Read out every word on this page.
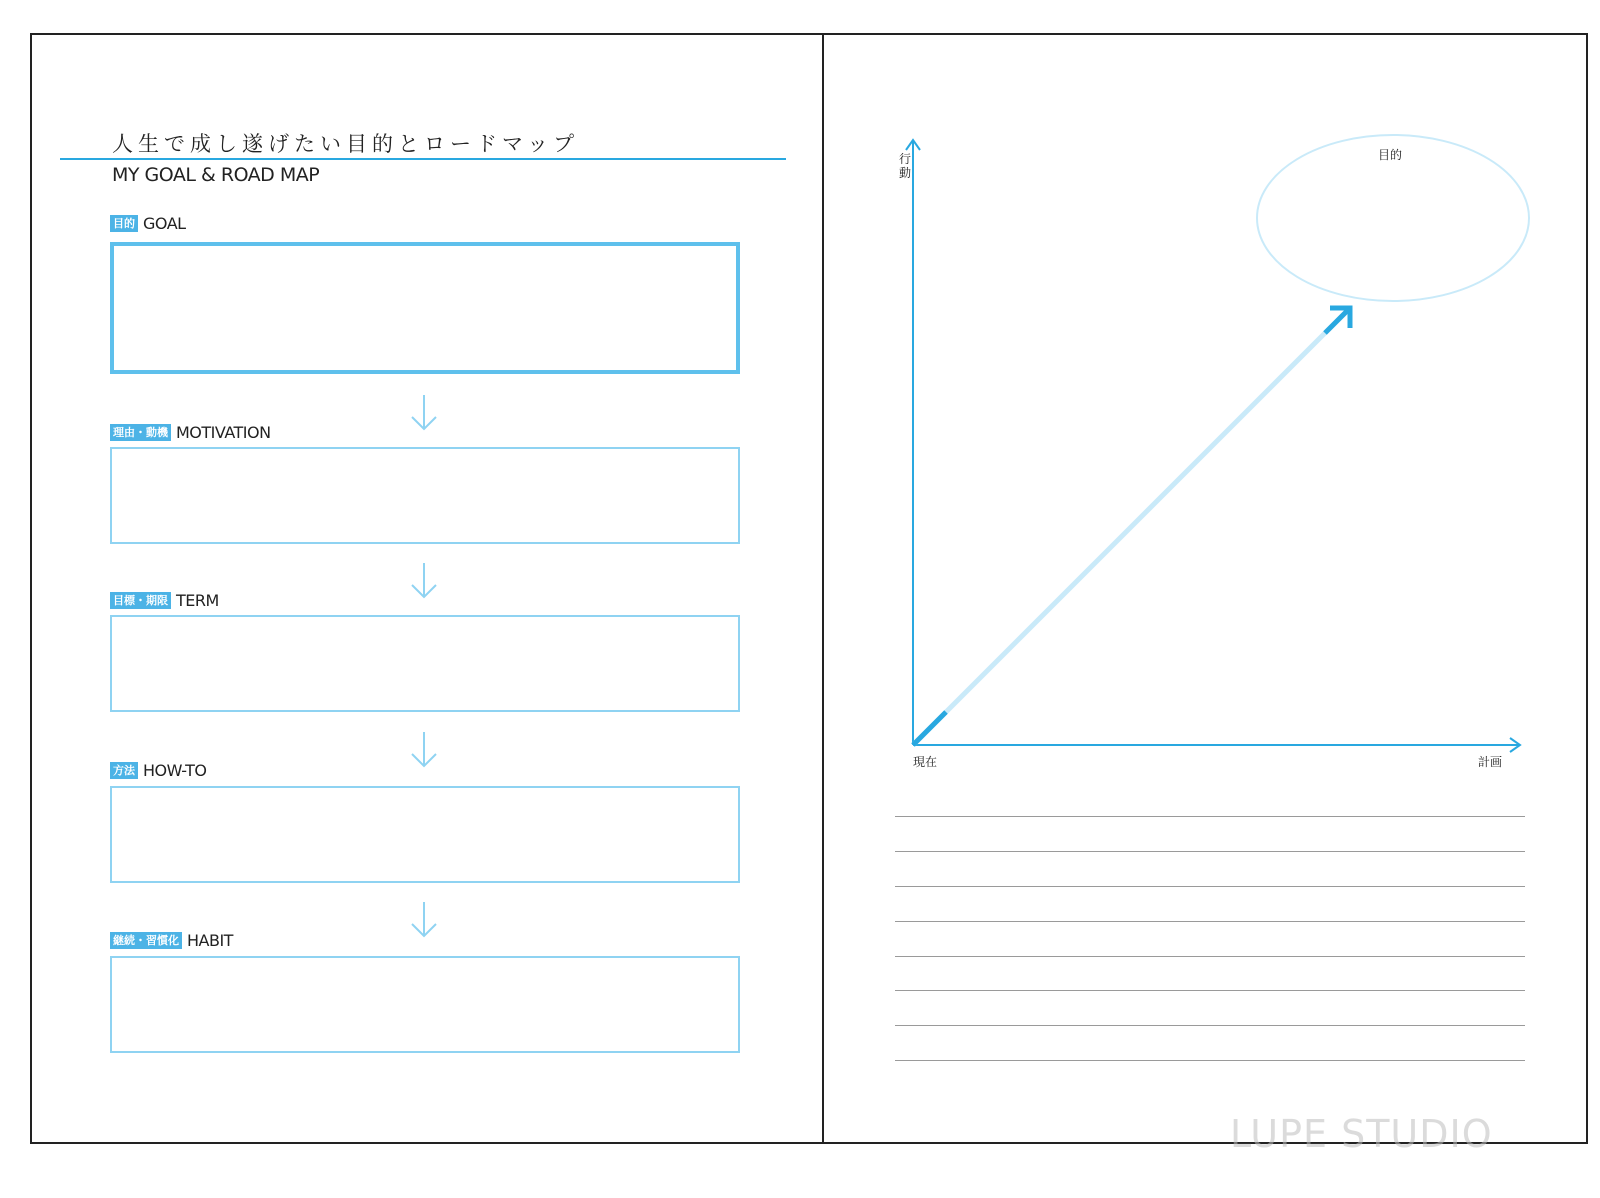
人生で成し遂げたい目的とロードマップ
MY GOAL & ROAD MAP
目的 GOAL
理由・動機 MOTIVATION
目標・期限 TERM
方法 HOW-TO
継続・習慣化 HABIT
行動
現在	計画
目的
LUPE STUDIO
